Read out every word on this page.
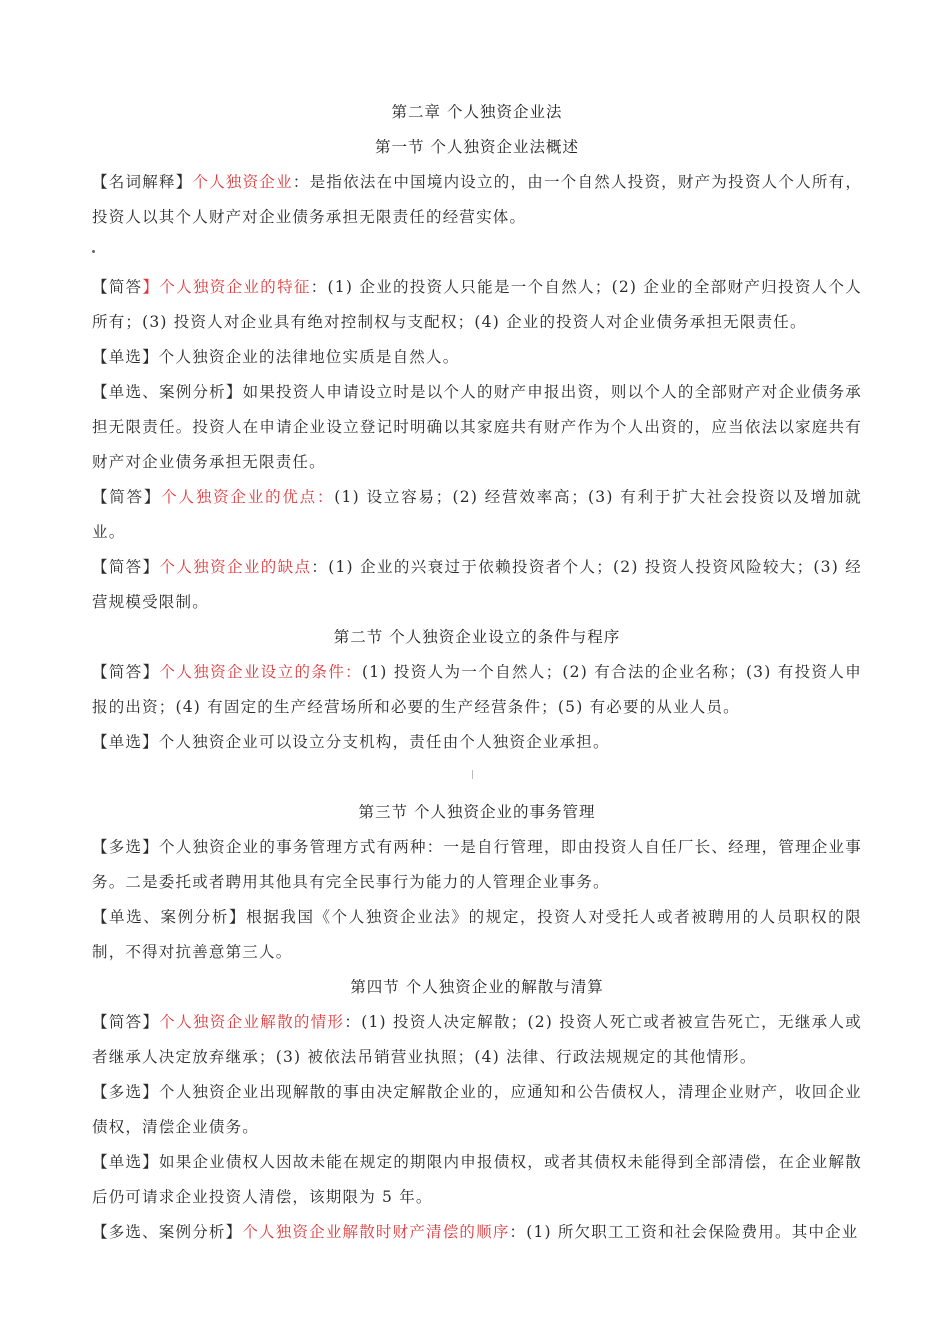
第二章 个人独资企业法
第一节 个人独资企业法概述

【名词解释】个人独资企业：是指依法在中国境内设立的，由一个自然人投资，财产为投资人个人所有，投资人以其个人财产对企业债务承担无限责任的经营实体。

【简答】个人独资企业的特征：(1) 企业的投资人只能是一个自然人；(2) 企业的全部财产归投资人个人所有；(3) 投资人对企业具有绝对控制权与支配权；(4) 企业的投资人对企业债务承担无限责任。

【单选】个人独资企业的法律地位实质是自然人。

【单选、案例分析】如果投资人申请设立时是以个人的财产申报出资，则以个人的全部财产对企业债务承担无限责任。投资人在申请企业设立登记时明确以其家庭共有财产作为个人出资的，应当依法以家庭共有财产对企业债务承担无限责任。

【简答】个人独资企业的优点：(1) 设立容易；(2) 经营效率高；(3) 有利于扩大社会投资以及增加就业。

【简答】个人独资企业的缺点：(1) 企业的兴衰过于依赖投资者个人；(2) 投资人投资风险较大；(3) 经营规模受限制。

第二节 个人独资企业设立的条件与程序

【简答】个人独资企业设立的条件：(1) 投资人为一个自然人；(2) 有合法的企业名称；(3) 有投资人申报的出资；(4) 有固定的生产经营场所和必要的生产经营条件；(5) 有必要的从业人员。

【单选】个人独资企业可以设立分支机构，责任由个人独资企业承担。

第三节 个人独资企业的事务管理

【多选】个人独资企业的事务管理方式有两种：一是自行管理，即由投资人自任厂长、经理，管理企业事务。二是委托或者聘用其他具有完全民事行为能力的人管理企业事务。

【单选、案例分析】根据我国《个人独资企业法》的规定，投资人对受托人或者被聘用的人员职权的限制，不得对抗善意第三人。

第四节 个人独资企业的解散与清算

【简答】个人独资企业解散的情形：(1) 投资人决定解散；(2) 投资人死亡或者被宣告死亡，无继承人或者继承人决定放弃继承；(3) 被依法吊销营业执照；(4) 法律、行政法规规定的其他情形。

【多选】个人独资企业出现解散的事由决定解散企业的，应通知和公告债权人，清理企业财产，收回企业债权，清偿企业债务。

【单选】如果企业债权人因故未能在规定的期限内申报债权，或者其债权未能得到全部清偿，在企业解散后仍可请求企业投资人清偿，该期限为 5 年。

【多选、案例分析】个人独资企业解散时财产清偿的顺序：(1) 所欠职工工资和社会保险费用。其中企业
